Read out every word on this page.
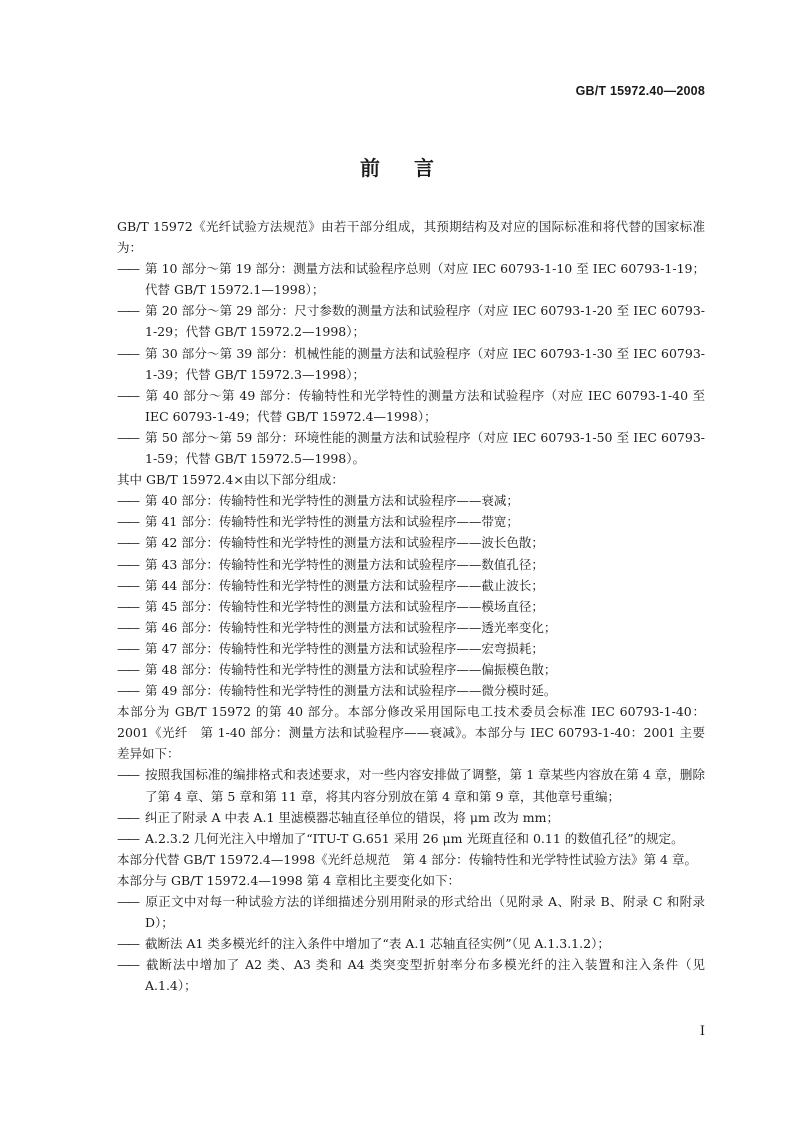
GB/T 15972.40—2008
前言

GB/T 15972《光纤试验方法规范》由若干部分组成，其预期结构及对应的国际标准和将代替的国家标准为：

—— 第 10 部分～第 19 部分：测量方法和试验程序总则（对应 IEC 60793-1-10 至 IEC 60793-1-19；代替 GB/T 15972.1—1998）；

—— 第 20 部分～第 29 部分：尺寸参数的测量方法和试验程序（对应 IEC 60793-1-20 至 IEC 60793-1-29；代替 GB/T 15972.2—1998）；

—— 第 30 部分～第 39 部分：机械性能的测量方法和试验程序（对应 IEC 60793-1-30 至 IEC 60793-1-39；代替 GB/T 15972.3—1998）；

—— 第 40 部分～第 49 部分：传输特性和光学特性的测量方法和试验程序（对应 IEC 60793-1-40 至 IEC 60793-1-49；代替 GB/T 15972.4—1998）；

—— 第 50 部分～第 59 部分：环境性能的测量方法和试验程序（对应 IEC 60793-1-50 至 IEC 60793-1-59；代替 GB/T 15972.5—1998）。

其中 GB/T 15972.4×由以下部分组成：

—— 第 40 部分：传输特性和光学特性的测量方法和试验程序——衰减；

—— 第 41 部分：传输特性和光学特性的测量方法和试验程序——带宽；

—— 第 42 部分：传输特性和光学特性的测量方法和试验程序——波长色散；

—— 第 43 部分：传输特性和光学特性的测量方法和试验程序——数值孔径；

—— 第 44 部分：传输特性和光学特性的测量方法和试验程序——截止波长；

—— 第 45 部分：传输特性和光学特性的测量方法和试验程序——模场直径；

—— 第 46 部分：传输特性和光学特性的测量方法和试验程序——透光率变化；

—— 第 47 部分：传输特性和光学特性的测量方法和试验程序——宏弯损耗；

—— 第 48 部分：传输特性和光学特性的测量方法和试验程序——偏振模色散；

—— 第 49 部分：传输特性和光学特性的测量方法和试验程序——微分模时延。

本部分为 GB/T 15972 的第 40 部分。本部分修改采用国际电工技术委员会标准 IEC 60793-1-40：2001《光纤　第 1-40 部分：测量方法和试验程序——衰减》。本部分与 IEC 60793-1-40：2001 主要差异如下：

—— 按照我国标准的编排格式和表述要求，对一些内容安排做了调整，第 1 章某些内容放在第 4 章，删除了第 4 章、第 5 章和第 11 章，将其内容分别放在第 4 章和第 9 章，其他章号重编；

—— 纠正了附录 A 中表 A.1 里滤模器芯轴直径单位的错误，将 μm 改为 mm；

—— A.2.3.2 几何光注入中增加了“ITU-T G.651 采用 26 μm 光斑直径和 0.11 的数值孔径”的规定。

本部分代替 GB/T 15972.4—1998《光纤总规范　第 4 部分：传输特性和光学特性试验方法》第 4 章。

本部分与 GB/T 15972.4—1998 第 4 章相比主要变化如下：

—— 原正文中对每一种试验方法的详细描述分别用附录的形式给出（见附录 A、附录 B、附录 C 和附录 D）；

—— 截断法 A1 类多模光纤的注入条件中增加了“表 A.1 芯轴直径实例”（见 A.1.3.1.2）；

—— 截断法中增加了 A2 类、A3 类和 A4 类突变型折射率分布多模光纤的注入装置和注入条件（见 A.1.4）；

I
